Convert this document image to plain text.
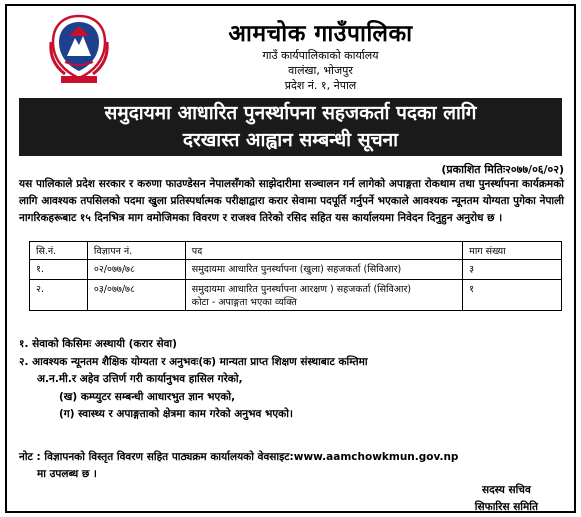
आमचोक गाउँपालिका
गाउँ कार्यपालिकाको कार्यालय
वालंखा, भोजपुर
प्रदेश नं. १, नेपाल
समुदायमा आधारित पुनर्स्थापना सहजकर्ता पदका लागि
दरखास्त आह्वान सम्बन्धी सूचना
(प्रकाशित मितिः२०७७/०६/०२)
यस पालिकाले प्रदेश सरकार र करुणा फाउण्डेसन नेपालसँगको साझेदारीमा सञ्चालन गर्न लागेको अपाङ्गता रोकथाम तथा पुनर्स्थापना कार्यक्रमको लागि आवश्यक तपसिलको पदमा खुला प्रतिस्पर्धात्मक परीक्षाद्वारा करार सेवामा पदपूर्ति गर्नुपर्ने भएकाले आवश्यक न्यूनतम योग्यता पुगेका नेपाली नागरिकहरूबाट १५ दिनभित्र माग वमोजिमका विवरण र राजश्व तिरेको रसिद सहित यस कार्यालयमा निवेदन दिनुहुन अनुरोध छ ।
सि.नं.	विज्ञापन नं.	पद	माग संख्या
१.	०२/०७७/७८	समुदायमा आधारित पुनर्स्थापना (खुला) सहजकर्ता (सिविआर)	३
२.	०३/०७७/७८	समुदायमा आधारित पुनर्स्थापना आरक्षण ) सहजकर्ता (सिविआर)
कोटा - अपाङ्गता भएका व्यक्ति	१
१. सेवाको किसिमः अस्थायी (करार सेवा)
२. आवश्यक न्यूनतम शैक्षिक योग्यता र अनुभवः(क) मान्यता प्राप्त शिक्षण संस्थाबाट कम्तिमा
अ.न.मी.र अहेव उत्तिर्ण गरी कार्यानुभव हासिल गरेको,
(ख) कम्प्युटर सम्बन्धी आधारभुत ज्ञान भएको,
(ग) स्वास्थ्य र अपाङ्गताको क्षेत्रमा काम गरेको अनुभव भएको।
नोट : विज्ञापनको विस्तृत विवरण सहित पाठ्यक्रम कार्यालयको वेवसाइट:www.aamchowkmun.gov.np
मा उपलब्ध छ ।
सदस्य सचिव
सिफारिस समिति
